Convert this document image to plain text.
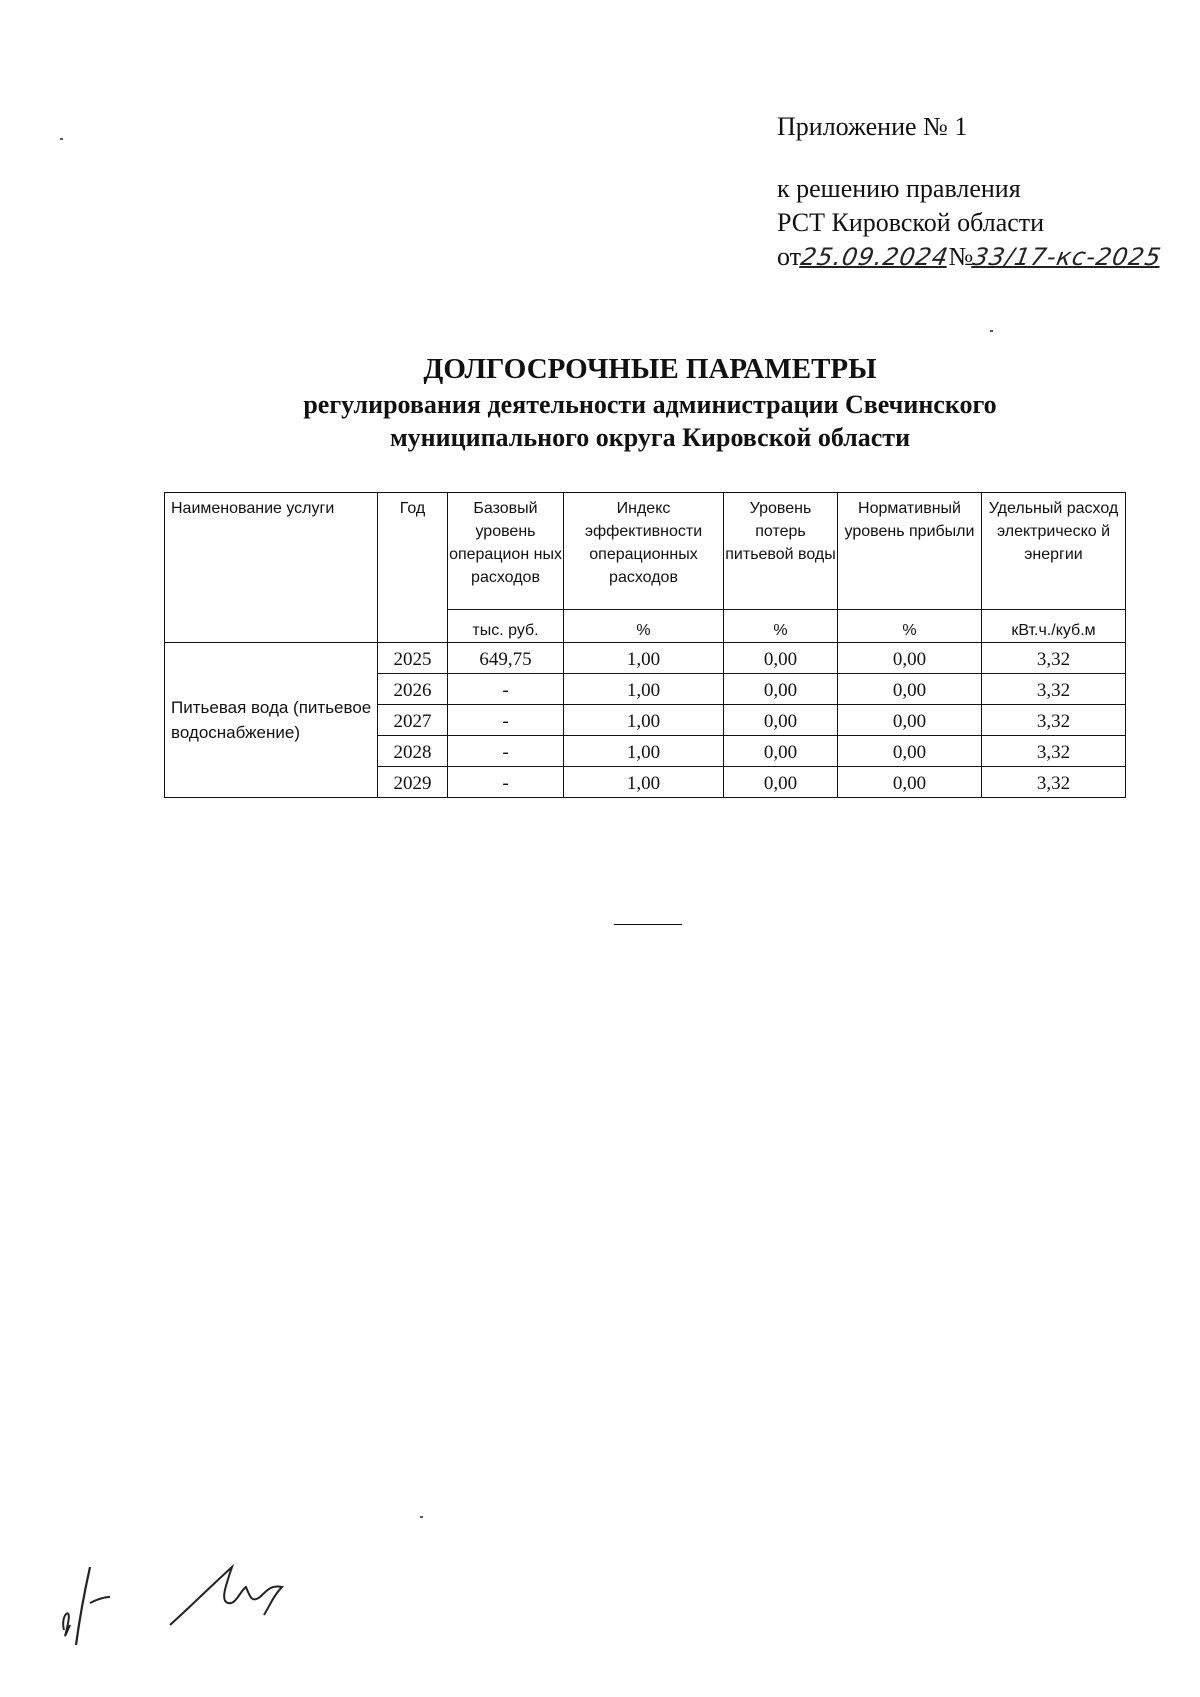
Приложение № 1
к решению правления
РСТ Кировской области
от25.09.2024№33/17-кс-2025
ДОЛГОСРОЧНЫЕ ПАРАМЕТРЫ
регулирования деятельности администрации Свечинского
муниципального округа Кировской области
Наименование услуги	Год	Базовый уровень операцион ных расходов	Индекс эффективности операционных расходов	Уровень потерь питьевой воды	Нормативный уровень прибыли	Удельный расход электрическо й энергии
		тыс. руб.	%	%	%	кВт.ч./куб.м
Питьевая вода (питьевое водоснабжение)	2025	649,75	1,00	0,00	0,00	3,32
	2026	-	1,00	0,00	0,00	3,32
	2027	-	1,00	0,00	0,00	3,32
	2028	-	1,00	0,00	0,00	3,32
	2029	-	1,00	0,00	0,00	3,32
